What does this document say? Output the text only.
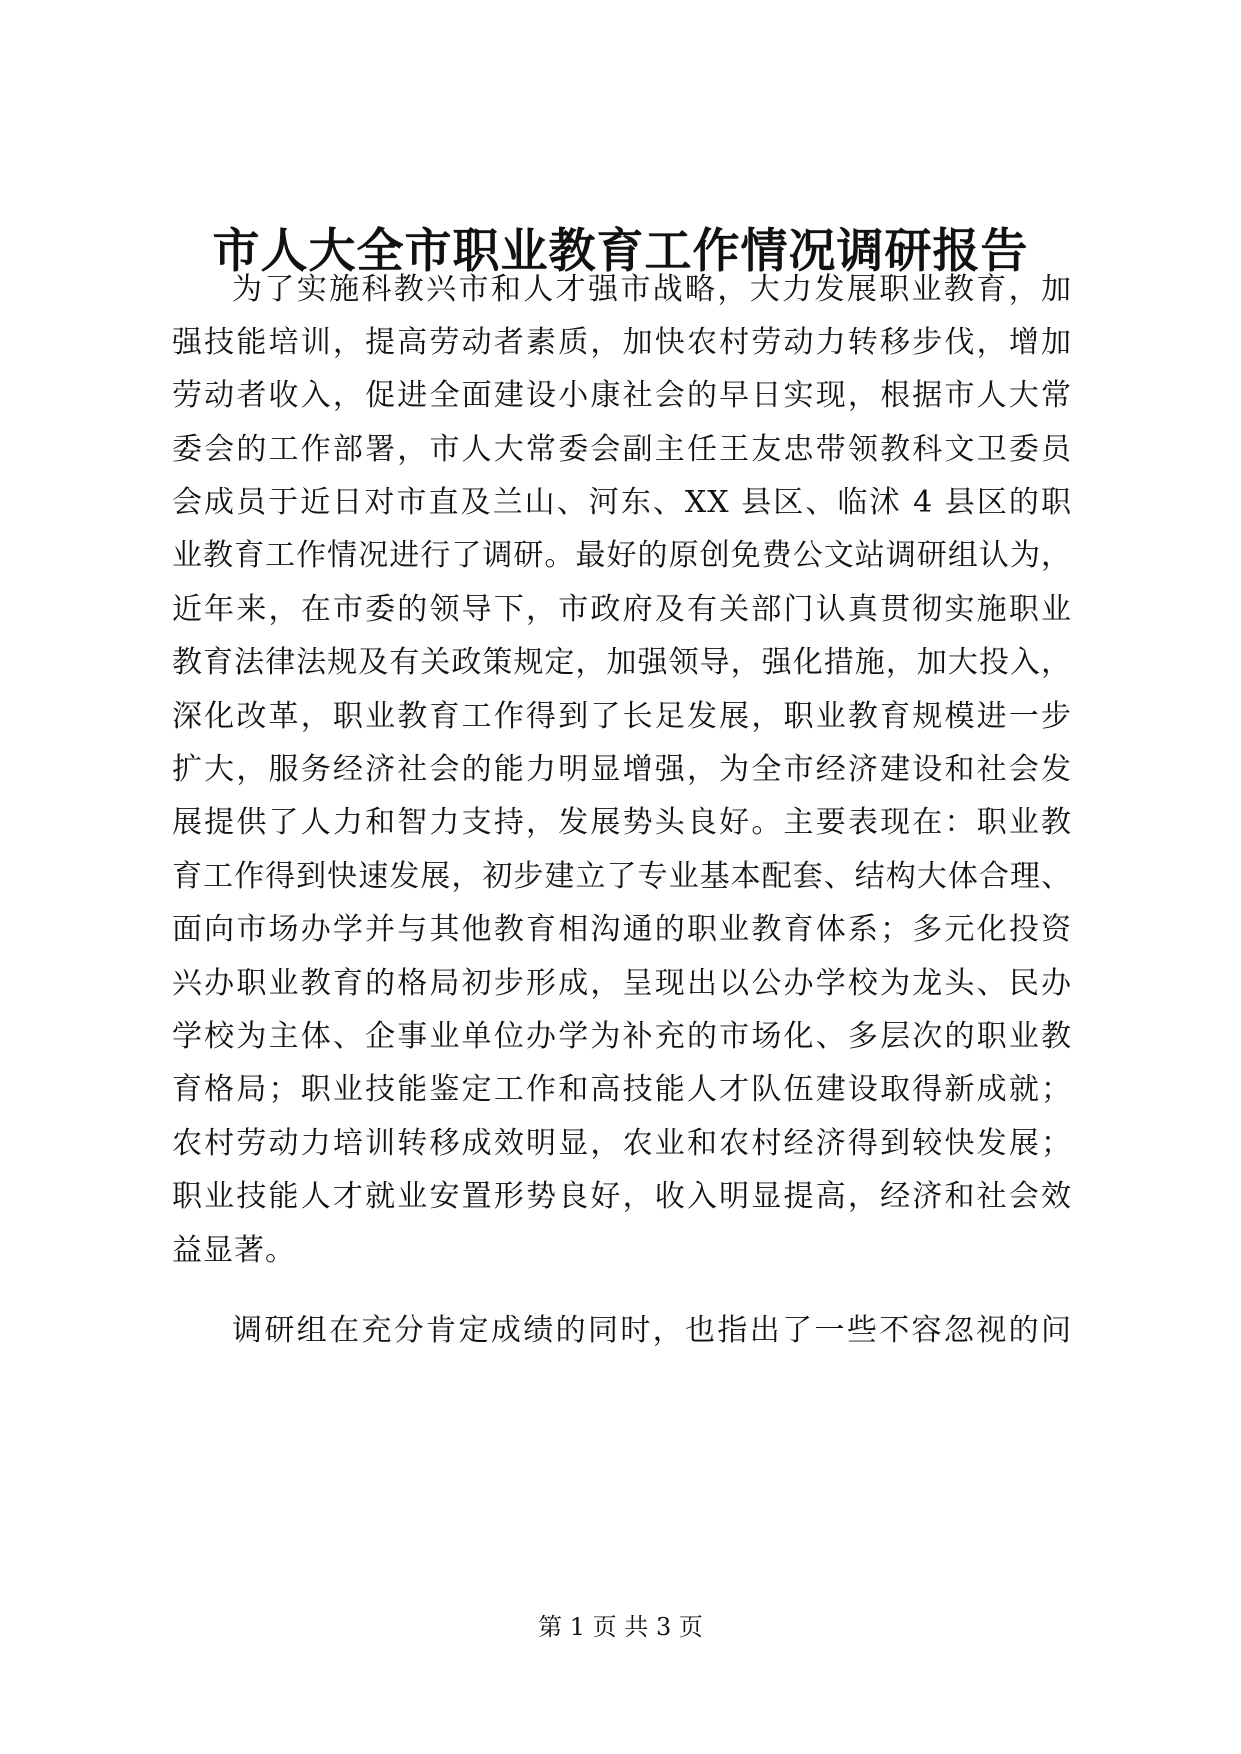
市人大全市职业教育工作情况调研报告
为了实施科教兴市和人才强市战略，大力发展职业教育，加
强技能培训，提高劳动者素质，加快农村劳动力转移步伐，增加
劳动者收入，促进全面建设小康社会的早日实现，根据市人大常
委会的工作部署，市人大常委会副主任王友忠带领教科文卫委员
会成员于近日对市直及兰山、河东、XX 县区、临沭 4 县区的职
业教育工作情况进行了调研。最好的原创免费公文站调研组认为，
近年来，在市委的领导下，市政府及有关部门认真贯彻实施职业
教育法律法规及有关政策规定，加强领导，强化措施，加大投入，
深化改革，职业教育工作得到了长足发展，职业教育规模进一步
扩大，服务经济社会的能力明显增强，为全市经济建设和社会发
展提供了人力和智力支持，发展势头良好。主要表现在：职业教
育工作得到快速发展，初步建立了专业基本配套、结构大体合理、
面向市场办学并与其他教育相沟通的职业教育体系；多元化投资
兴办职业教育的格局初步形成，呈现出以公办学校为龙头、民办
学校为主体、企事业单位办学为补充的市场化、多层次的职业教
育格局；职业技能鉴定工作和高技能人才队伍建设取得新成就；
农村劳动力培训转移成效明显，农业和农村经济得到较快发展；
职业技能人才就业安置形势良好，收入明显提高，经济和社会效
益显著。
调研组在充分肯定成绩的同时，也指出了一些不容忽视的问
第 1 页 共 3 页
